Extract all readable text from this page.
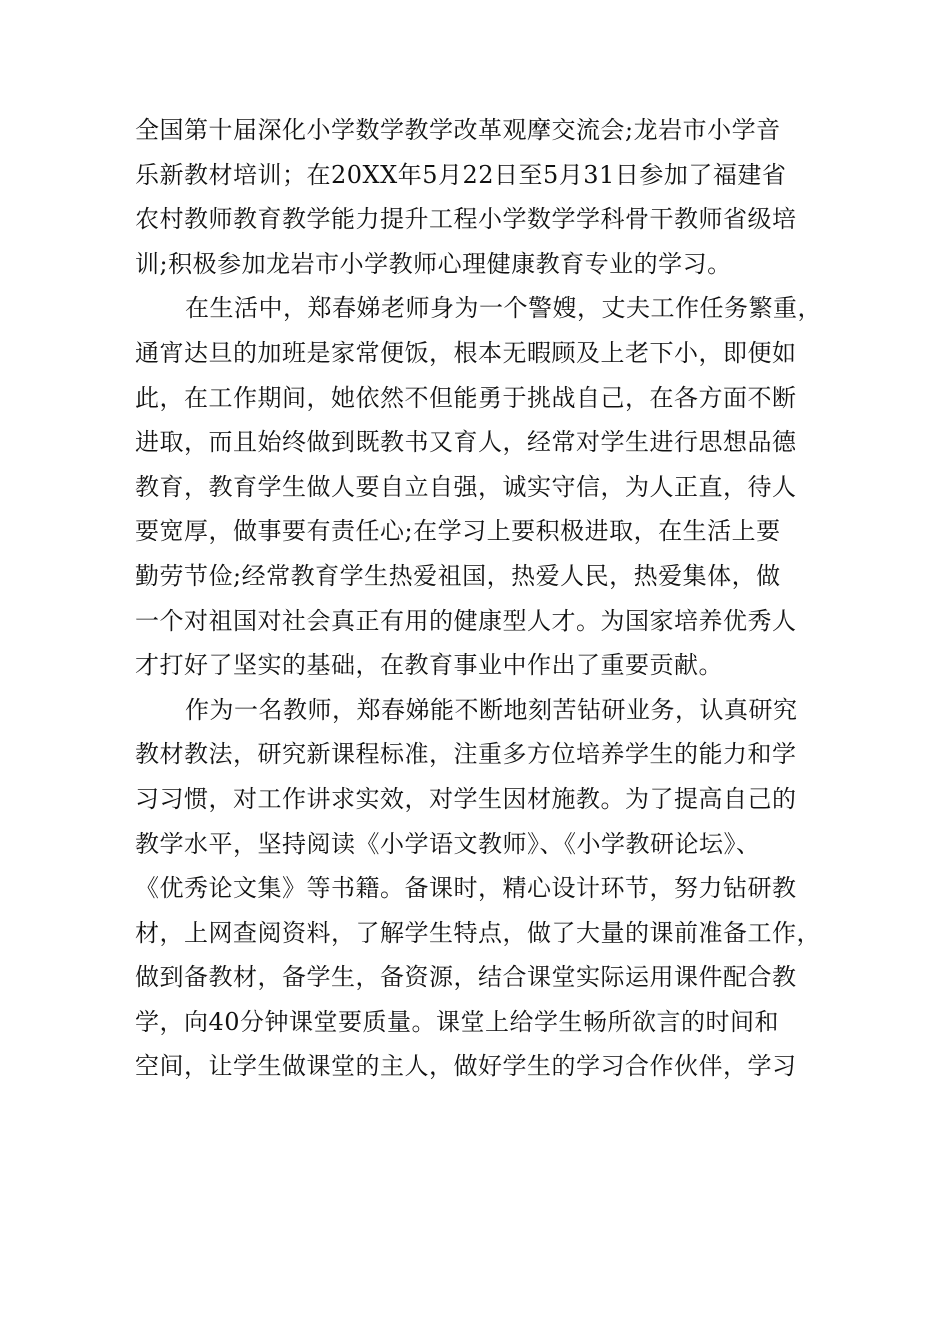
全国第十届深化小学数学教学改革观摩交流会;龙岩市小学音
乐新教材培训；在20XX年5月22日至5月31日参加了福建省
农村教师教育教学能力提升工程小学数学学科骨干教师省级培
训;积极参加龙岩市小学教师心理健康教育专业的学习。
在生活中，郑春娣老师身为一个警嫂，丈夫工作任务繁重，
通宵达旦的加班是家常便饭，根本无暇顾及上老下小，即便如
此，在工作期间，她依然不但能勇于挑战自己，在各方面不断
进取，而且始终做到既教书又育人，经常对学生进行思想品德
教育，教育学生做人要自立自强，诚实守信，为人正直，待人
要宽厚，做事要有责任心;在学习上要积极进取，在生活上要
勤劳节俭;经常教育学生热爱祖国，热爱人民，热爱集体，做
一个对祖国对社会真正有用的健康型人才。为国家培养优秀人
才打好了坚实的基础，在教育事业中作出了重要贡献。
作为一名教师，郑春娣能不断地刻苦钻研业务，认真研究
教材教法，研究新课程标准，注重多方位培养学生的能力和学
习习惯，对工作讲求实效，对学生因材施教。为了提高自己的
教学水平，坚持阅读《小学语文教师》、《小学教研论坛》、
《优秀论文集》等书籍。备课时，精心设计环节，努力钻研教
材，上网查阅资料，了解学生特点，做了大量的课前准备工作，
做到备教材，备学生，备资源，结合课堂实际运用课件配合教
学，向40分钟课堂要质量。课堂上给学生畅所欲言的时间和
空间，让学生做课堂的主人，做好学生的学习合作伙伴，学习
